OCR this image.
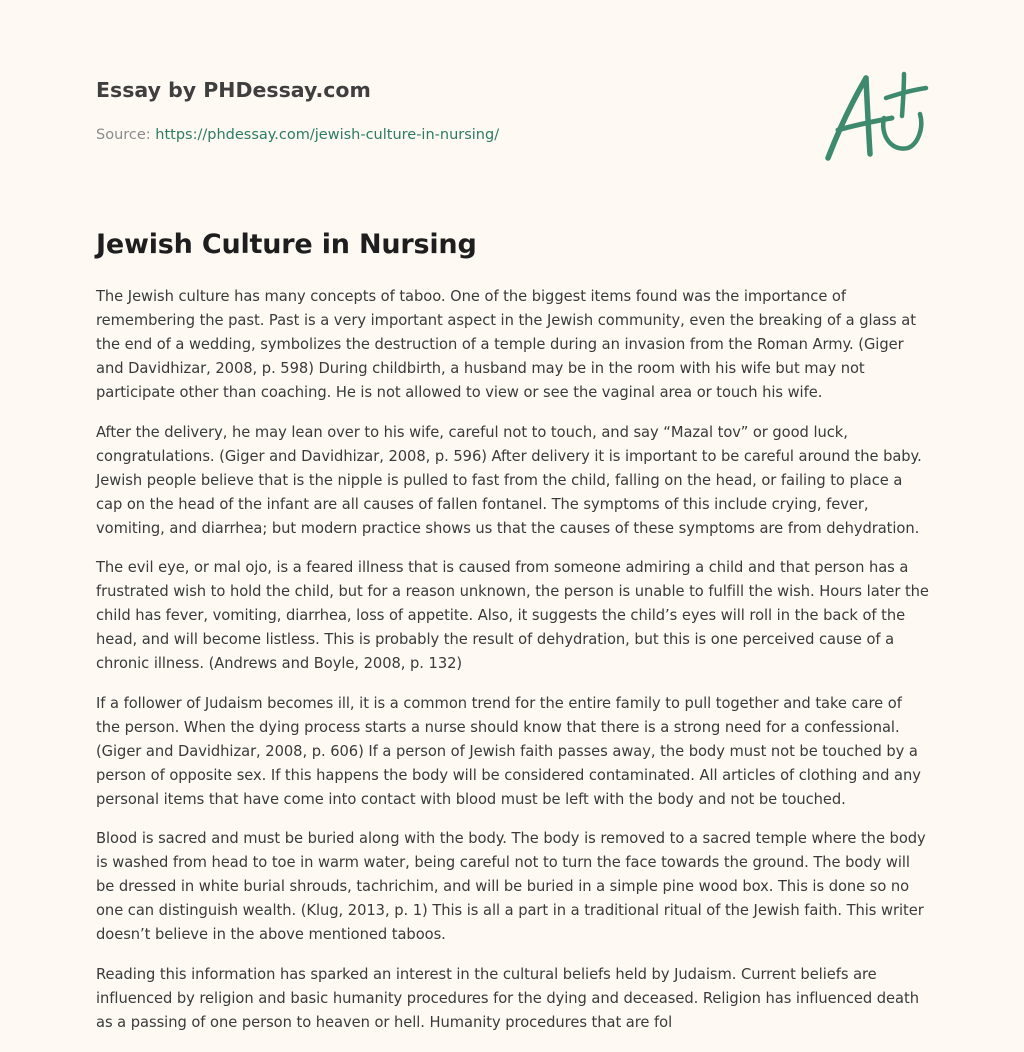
Essay by PHDessay.com
Source: https://phdessay.com/jewish-culture-in-nursing/
Jewish Culture in Nursing

The Jewish culture has many concepts of taboo. One of the biggest items found was the importance of remembering the past. Past is a very important aspect in the Jewish community, even the breaking of a glass at the end of a wedding, symbolizes the destruction of a temple during an invasion from the Roman Army. (Giger and Davidhizar, 2008, p. 598) During childbirth, a husband may be in the room with his wife but may not participate other than coaching. He is not allowed to view or see the vaginal area or touch his wife.

After the delivery, he may lean over to his wife, careful not to touch, and say “Mazal tov” or good luck, congratulations. (Giger and Davidhizar, 2008, p. 596) After delivery it is important to be careful around the baby. Jewish people believe that is the nipple is pulled to fast from the child, falling on the head, or failing to place a cap on the head of the infant are all causes of fallen fontanel. The symptoms of this include crying, fever, vomiting, and diarrhea; but modern practice shows us that the causes of these symptoms are from dehydration.

The evil eye, or mal ojo, is a feared illness that is caused from someone admiring a child and that person has a frustrated wish to hold the child, but for a reason unknown, the person is unable to fulfill the wish. Hours later the child has fever, vomiting, diarrhea, loss of appetite. Also, it suggests the child’s eyes will roll in the back of the head, and will become listless. This is probably the result of dehydration, but this is one perceived cause of a chronic illness. (Andrews and Boyle, 2008, p. 132)

If a follower of Judaism becomes ill, it is a common trend for the entire family to pull together and take care of the person. When the dying process starts a nurse should know that there is a strong need for a confessional. (Giger and Davidhizar, 2008, p. 606) If a person of Jewish faith passes away, the body must not be touched by a person of opposite sex. If this happens the body will be considered contaminated. All articles of clothing and any personal items that have come into contact with blood must be left with the body and not be touched.

Blood is sacred and must be buried along with the body. The body is removed to a sacred temple where the body is washed from head to toe in warm water, being careful not to turn the face towards the ground. The body will be dressed in white burial shrouds, tachrichim, and will be buried in a simple pine wood box. This is done so no one can distinguish wealth. (Klug, 2013, p. 1) This is all a part in a traditional ritual of the Jewish faith. This writer doesn’t believe in the above mentioned taboos.

Reading this information has sparked an interest in the cultural beliefs held by Judaism. Current beliefs are influenced by religion and basic humanity procedures for the dying and deceased. Religion has influenced death as a passing of one person to heaven or hell. Humanity procedures that are fol
